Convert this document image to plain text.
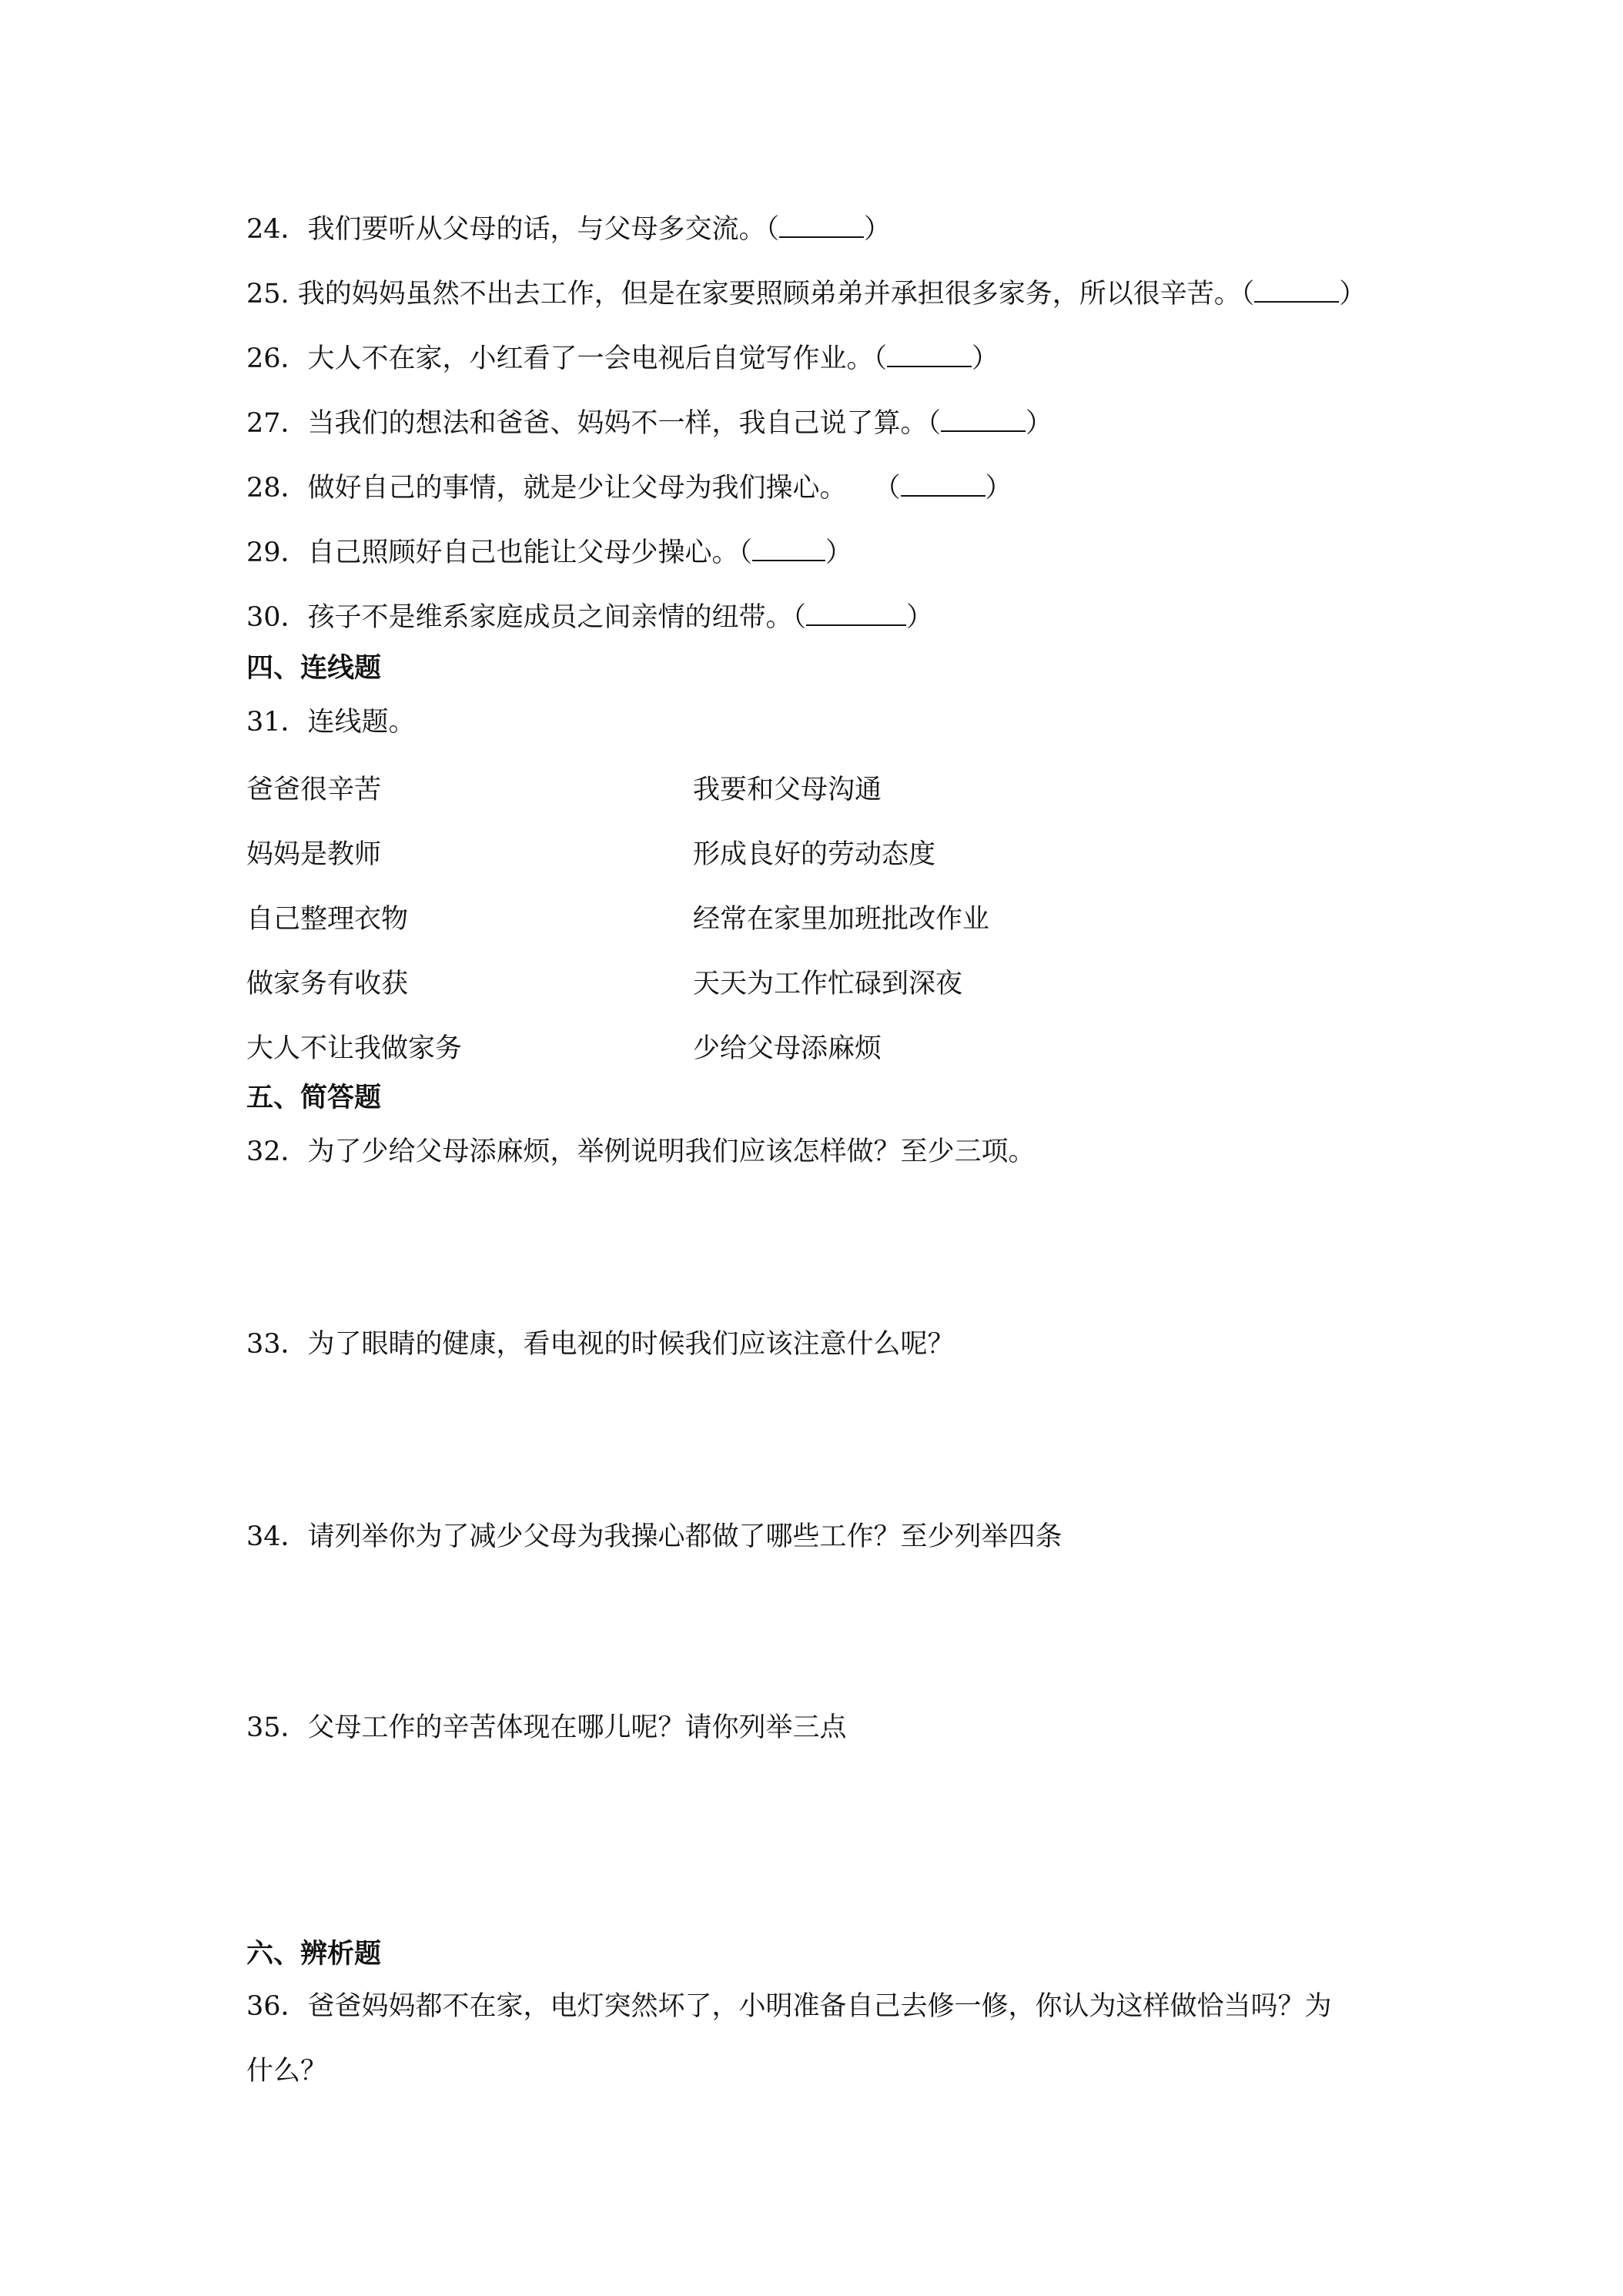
24．我们要听从父母的话，与父母多交流。（	）
25. 我的妈妈虽然不出去工作，但是在家要照顾弟弟并承担很多家务，所以很辛苦。（	）
26．大人不在家，小红看了一会电视后自觉写作业。（	）
27．当我们的想法和爸爸、妈妈不一样，我自己说了算。（	）
28．做好自己的事情，就是少让父母为我们操心。　　（	）
29．自己照顾好自己也能让父母少操心。（	）
30．孩子不是维系家庭成员之间亲情的纽带。（	）
四、连线题
31．连线题。
爸爸很辛苦	我要和父母沟通
妈妈是教师	形成良好的劳动态度
自己整理衣物	经常在家里加班批改作业
做家务有收获	天天为工作忙碌到深夜
大人不让我做家务	少给父母添麻烦
五、简答题
32．为了少给父母添麻烦，举例说明我们应该怎样做？至少三项。
33．为了眼睛的健康，看电视的时候我们应该注意什么呢？
34．请列举你为了减少父母为我操心都做了哪些工作？至少列举四条
35．父母工作的辛苦体现在哪儿呢？请你列举三点
六、辨析题
36．爸爸妈妈都不在家，电灯突然坏了，小明准备自己去修一修，你认为这样做恰当吗？为
什么？
